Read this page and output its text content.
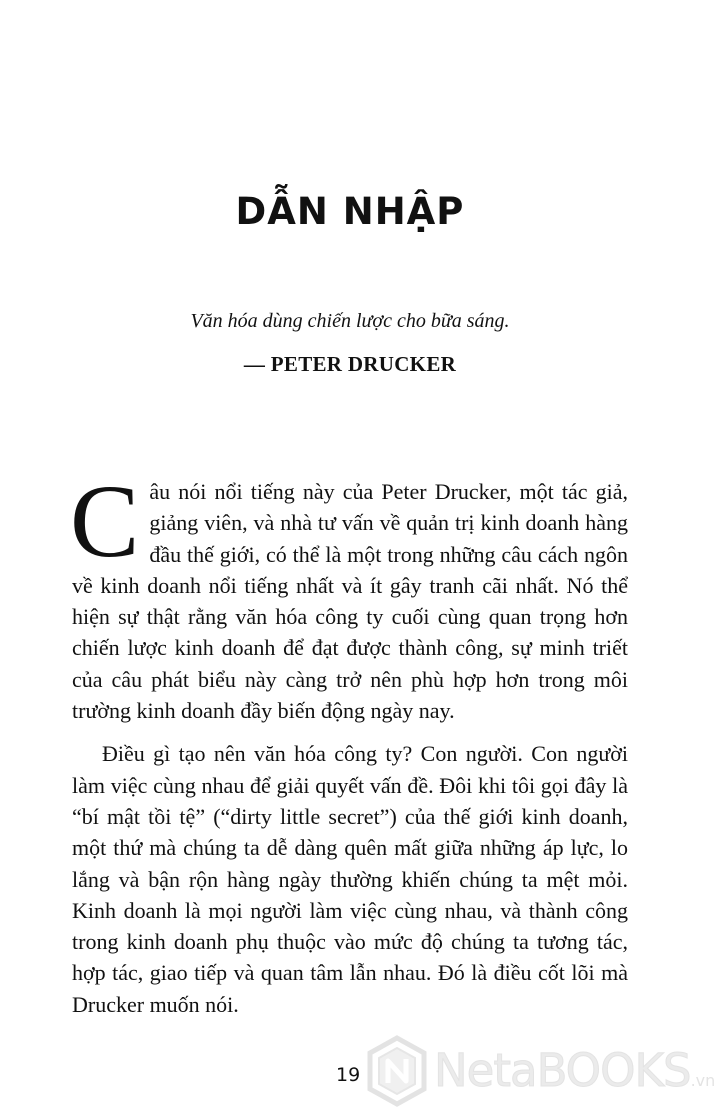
DẪN NHẬP
Văn hóa dùng chiến lược cho bữa sáng.
— PETER DRUCKER

Câu nói nổi tiếng này của Peter Drucker, một tác giả, giảng viên, và nhà tư vấn về quản trị kinh doanh hàng đầu thế giới, có thể là một trong những câu cách ngôn về kinh doanh nổi tiếng nhất và ít gây tranh cãi nhất. Nó thể hiện sự thật rằng văn hóa công ty cuối cùng quan trọng hơn chiến lược kinh doanh để đạt được thành công, sự minh triết của câu phát biểu này càng trở nên phù hợp hơn trong môi trường kinh doanh đầy biến động ngày nay.

Điều gì tạo nên văn hóa công ty? Con người. Con người làm việc cùng nhau để giải quyết vấn đề. Đôi khi tôi gọi đây là “bí mật tồi tệ” (“dirty little secret”) của thế giới kinh doanh, một thứ mà chúng ta dễ dàng quên mất giữa những áp lực, lo lắng và bận rộn hàng ngày thường khiến chúng ta mệt mỏi. Kinh doanh là mọi người làm việc cùng nhau, và thành công trong kinh doanh phụ thuộc vào mức độ chúng ta tương tác, hợp tác, giao tiếp và quan tâm lẫn nhau. Đó là điều cốt lõi mà Drucker muốn nói.

19 NetaBOOKS.vn
